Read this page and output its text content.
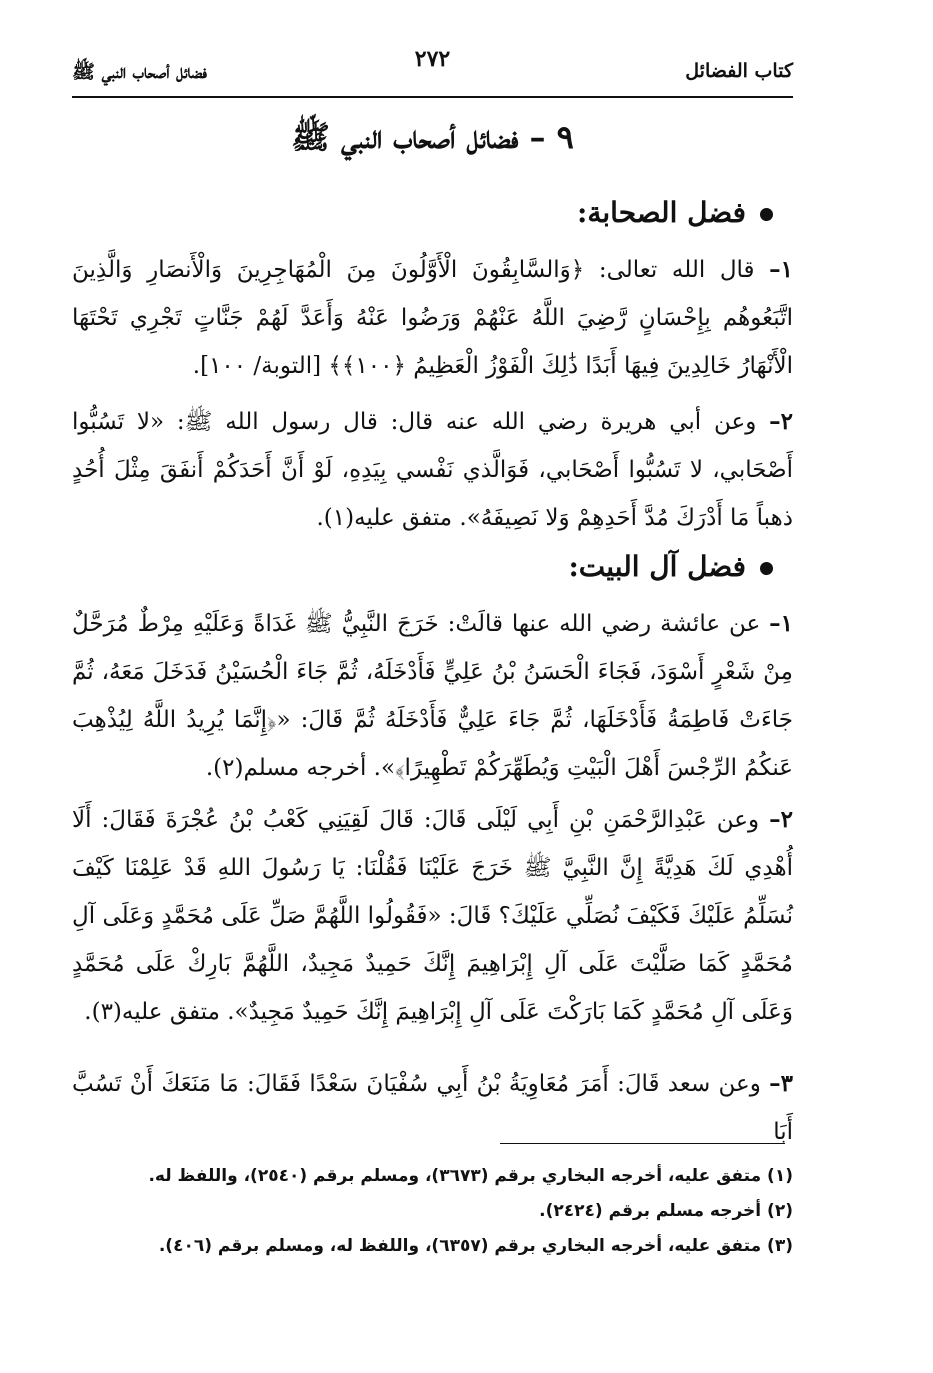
كتاب الفضائل
٢٧٢
فضائل أصحاب النبي ﷺ
٩ – فضائل أصحاب النبي ﷺ
فضل الصحابة:
١– قال الله تعالى: ﴿وَالسَّابِقُونَ الْأَوَّلُونَ مِنَ الْمُهَاجِرِينَ وَالْأَنصَارِ وَالَّذِينَ اتَّبَعُوهُم بِإِحْسَانٍ رَّضِيَ اللَّهُ عَنْهُمْ وَرَضُوا عَنْهُ وَأَعَدَّ لَهُمْ جَنَّاتٍ تَجْرِي تَحْتَهَا الْأَنْهَارُ خَالِدِينَ فِيهَا أَبَدًا ذَٰلِكَ الْفَوْزُ الْعَظِيمُ ﴿١٠٠﴾﴾ [التوبة/ ١٠٠].
٢– وعن أبي هريرة رضي الله عنه قال: قال رسول الله ﷺ: «لا تَسُبُّوا أَصْحَابي، لا تَسُبُّوا أَصْحَابي، فَوَالَّذي نَفْسي بِيَدِهِ، لَوْ أَنَّ أَحَدَكُمْ أَنفَقَ مِثْلَ أُحُدٍ ذهباً مَا أَدْرَكَ مُدَّ أَحَدِهِمْ وَلا نَصِيفَهُ». متفق عليه(١).
فضل آل البيت:
١– عن عائشة رضي الله عنها قالَتْ: خَرَجَ النَّبِيُّ ﷺ غَدَاةً وَعَلَيْهِ مِرْطٌ مُرَحَّلٌ مِنْ شَعْرٍ أَسْوَدَ، فَجَاءَ الْحَسَنُ بْنُ عَلِيٍّ فَأَدْخَلَهُ، ثُمَّ جَاءَ الْحُسَيْنُ فَدَخَلَ مَعَهُ، ثُمَّ جَاءَتْ فَاطِمَةُ فَأَدْخَلَهَا، ثُمَّ جَاءَ عَلِيٌّ فَأَدْخَلَهُ ثُمَّ قَالَ: «﴿إِنَّمَا يُرِيدُ اللَّهُ لِيُذْهِبَ عَنكُمُ الرِّجْسَ أَهْلَ الْبَيْتِ وَيُطَهِّرَكُمْ تَطْهِيرًا﴾». أخرجه مسلم(٢).
٢– وعن عَبْدِالرَّحْمَنِ بْنِ أَبِي لَيْلَى قَالَ: قَالَ لَقِيَنِي كَعْبُ بْنُ عُجْرَةَ فَقَالَ: أَلَا أُهْدِي لَكَ هَدِيَّةً إِنَّ النَّبِيَّ ﷺ خَرَجَ عَلَيْنَا فَقُلْنَا: يَا رَسُولَ اللهِ قَدْ عَلِمْنَا كَيْفَ نُسَلِّمُ عَلَيْكَ فَكَيْفَ نُصَلِّي عَلَيْكَ؟ قَالَ: «فَقُولُوا اللَّهُمَّ صَلِّ عَلَى مُحَمَّدٍ وَعَلَى آلِ مُحَمَّدٍ كَمَا صَلَّيْتَ عَلَى آلِ إِبْرَاهِيمَ إِنَّكَ حَمِيدٌ مَجِيدٌ، اللَّهُمَّ بَارِكْ عَلَى مُحَمَّدٍ وَعَلَى آلِ مُحَمَّدٍ كَمَا بَارَكْتَ عَلَى آلِ إِبْرَاهِيمَ إِنَّكَ حَمِيدٌ مَجِيدٌ». متفق عليه(٣).
٣– وعن سعد قَالَ: أَمَرَ مُعَاوِيَةُ بْنُ أَبِي سُفْيَانَ سَعْدًا فَقَالَ: مَا مَنَعَكَ أَنْ تَسُبَّ أَبَا
(١) متفق عليه، أخرجه البخاري برقم (٣٦٧٣)، ومسلم برقم (٢٥٤٠)، واللفظ له.
(٢) أخرجه مسلم برقم (٢٤٢٤).
(٣) متفق عليه، أخرجه البخاري برقم (٦٣٥٧)، واللفظ له، ومسلم برقم (٤٠٦).
